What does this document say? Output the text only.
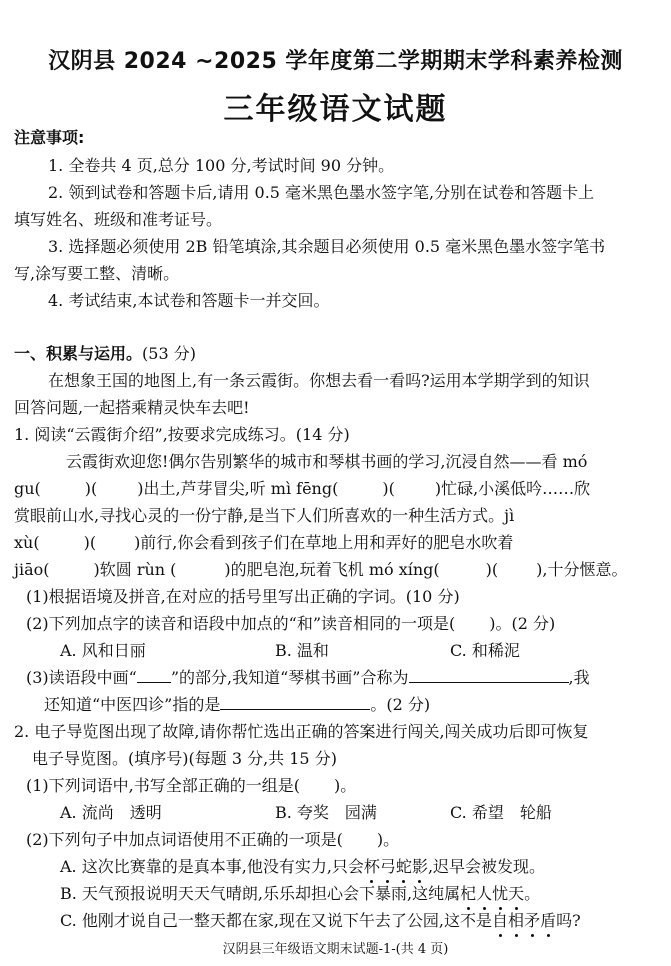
汉阴县 2024 ~2025 学年度第二学期期末学科素养检测
三年级语文试题
注意事项:
1. 全卷共 4 页,总分 100 分,考试时间 90 分钟。
2. 领到试卷和答题卡后,请用 0.5 毫米黑色墨水签字笔,分别在试卷和答题卡上
填写姓名、班级和准考证号。
3. 选择题必须使用 2B 铅笔填涂,其余题目必须使用 0.5 毫米黑色墨水签字笔书
写,涂写要工整、清晰。
4. 考试结束,本试卷和答题卡一并交回。
一、积累与运用。(53 分)
在想象王国的地图上,有一条云霞街。你想去看一看吗?运用本学期学到的知识
回答问题,一起搭乘精灵快车去吧!
1. 阅读“云霞街介绍”,按要求完成练习。(14 分)
云霞街欢迎您!偶尔告别繁华的城市和琴棋书画的学习,沉浸自然——看 mó
gu(	)(	)出土,芦芽冒尖,听 mì fēng(	)(	)忙碌,小溪低吟……欣
赏眼前山水,寻找心灵的一份宁静,是当下人们所喜欢的一种生活方式。jì
xù(	)( )前行,你会看到孩子们在草地上用和弄好的肥皂水吹着
jiāo(	)软圆 rùn (	)的肥皂泡,玩着飞机 mó xíng(	)( ),十分惬意。
(1)根据语境及拼音,在对应的括号里写出正确的字词。(10 分)
(2)下列加点字的读音和语段中加点的“和”读音相同的一项是( )。(2 分)
A. 风和日丽	B. 温和	C. 和稀泥
(3)读语段中画“ ”的部分,我知道“琴棋书画”合称为	,我
还知道“中医四诊”指的是	。(2 分)
2. 电子导览图出现了故障,请你帮忙选出正确的答案进行闯关,闯关成功后即可恢复
电子导览图。(填序号)(每题 3 分,共 15 分)
(1)下列词语中,书写全部正确的一组是( )。
A. 流尚　透明	B. 夸奖　园满	C. 希望　轮船
(2)下列句子中加点词语使用不正确的一项是( )。
A. 这次比赛靠的是真本事,他没有实力,只会杯弓蛇影,迟早会被发现。
B. 天气预报说明天天气晴朗,乐乐却担心会下暴雨,这纯属杞人忧天。
C. 他刚才说自己一整天都在家,现在又说下午去了公园,这不是自相矛盾吗?
汉阴县三年级语文期末试题-1-(共 4 页)
